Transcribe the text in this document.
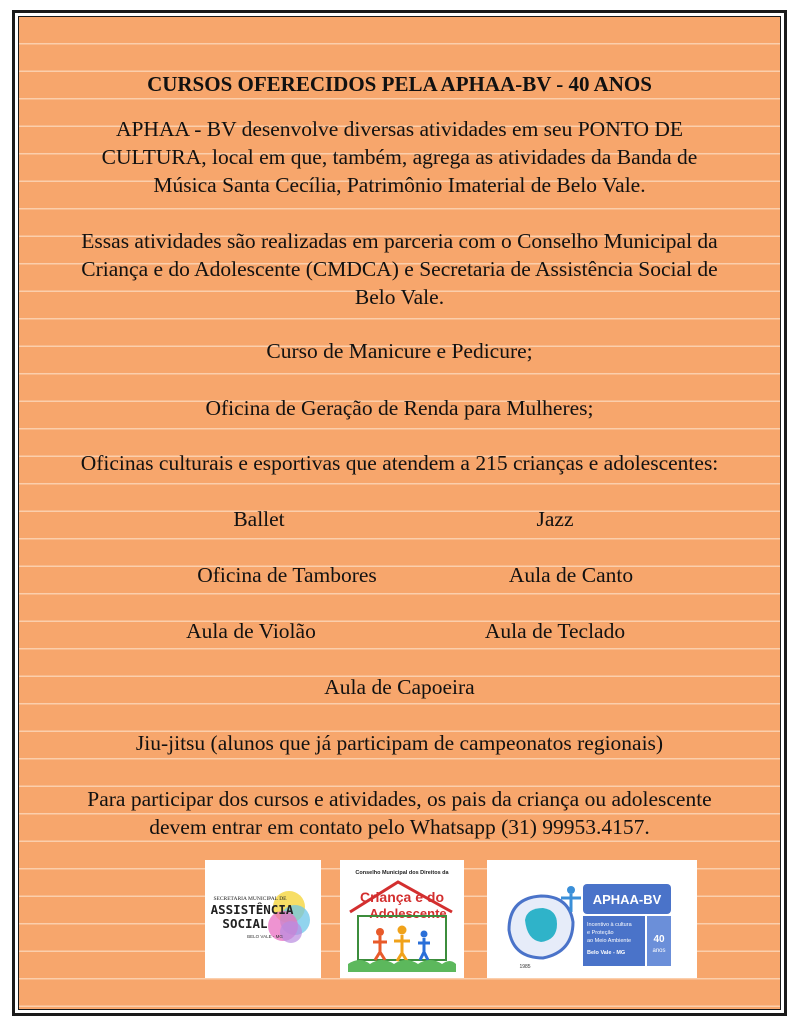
CURSOS OFERECIDOS PELA APHAA-BV - 40 ANOS
APHAA - BV desenvolve diversas atividades em seu PONTO DE
CULTURA, local em que, também, agrega as atividades da Banda de
Música Santa Cecília, Patrimônio Imaterial de Belo Vale.
Essas atividades são realizadas em parceria com o Conselho Municipal da
Criança e do Adolescente (CMDCA) e Secretaria de Assistência Social de
Belo Vale.
Curso de Manicure e Pedicure;
Oficina de Geração de Renda para Mulheres;
Oficinas culturais e esportivas que atendem a 215 crianças e adolescentes:
Ballet	Jazz
Oficina de Tambores	Aula de Canto
Aula de Violão	Aula de Teclado
Aula de Capoeira
Jiu-jitsu (alunos que já participam de campeonatos regionais)
Para participar dos cursos e atividades, os pais da criança ou adolescente
devem entrar em contato pelo Whatsapp (31) 99953.4157.
SECRETARIA MUNICIPAL DE
ASSISTÊNCIA
SOCIAL
BELO VALE - MG
Conselho Municipal dos Direitos da
Criança e do
Adolescente
1985
APHAA-BV
Incentivo à cultura
e Proteção
ao Meio Ambiente
Belo Vale - MG
40
anos
